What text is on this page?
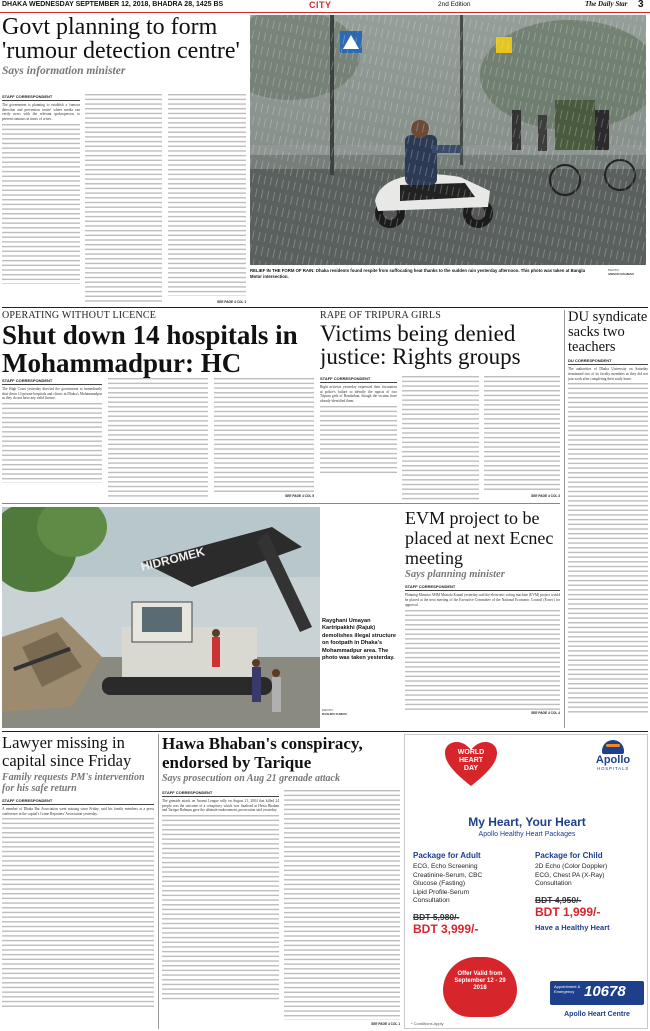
DHAKA WEDNESDAY SEPTEMBER 12, 2018, BHADRA 28, 1425 BS	CITY	2nd Edition	The Daily Star 3
Govt planning to form 'rumour detection centre'
Says information minister
STAFF CORRESPONDENT
The government is planning to establish a 'rumour detection and prevention centre' where media can verify news with the relevant spokesperson, to prevent rumours in times of crises.
SEE PAGE 4 COL 1
RELIEF IN THE FORM OF RAIN: Dhaka residents found respite from suffocating heat thanks to the sudden rain yesterday afternoon. This photo was taken at Bangla Motor intersection.
PHOTO:
ANISUR RAHMAN
OPERATING WITHOUT LICENCE
Shut down 14 hospitals in Mohammadpur: HC
STAFF CORRESPONDENT
The High Court yesterday directed the government to immediately shut down 14 private hospitals and clinics in Dhaka's Mohammadpur as they do not have any valid licence.
SEE PAGE 4 COL 5
RAPE OF TRIPURA GIRLS
Victims being denied justice: Rights groups
STAFF CORRESPONDENT
Right activists yesterday expressed their frustration at police's failure to identify the rapists of two Tripura girls of Bandarban, though the victims have already identified them.
SEE PAGE 4 COL 3
DU syndicate sacks two teachers
DU CORRESPONDENT
The authorities of Dhaka University on Saturday terminated two of its faculty members as they did not join work after completing their study leave.
HIDROMEK
Rayghani Umayan Kartripakkhi (Rajuk) demolishes illegal structure on footpath in Dhaka's Mohammadpur area. The photo was taken yesterday.
PHOTO:
RASHED SUMON
EVM project to be placed at next Ecnec meeting
Says planning minister
STAFF CORRESPONDENT
Planning Minister AHM Mustafa Kamal yesterday said the electronic voting machine (EVM) project would be placed at the next meeting of the Executive Committee of the National Economic Council (Ecnec) for approval.
SEE PAGE 4 COL 4
Lawyer missing in capital since Friday
Family requests PM's intervention for his safe return
STAFF CORRESPONDENT
A member of Dhaka Bar Association went missing since Friday, said his family members at a press conference in the capital's Crime Reporters' Association yesterday.
Hawa Bhaban's conspiracy, endorsed by Tarique
Says prosecution on Aug 21 grenade attack
STAFF CORRESPONDENT
The grenade attack on Awami League rally on August 21, 2004 that killed 24 people was the outcome of a conspiracy which was finalised at Hawa Bhaban and Tarique Rahman gave the ultimate endorsement, prosecution said yesterday.
SEE PAGE 4 COL 1
WORLD
HEART
DAY
Apollo
HOSPITALS
My Heart, Your Heart
Apollo Healthy Heart Packages
Package for Adult
ECG, Echo Screening
Creatinine-Serum, CBC
Glucose (Fasting)
Lipid Profile-Serum
Consultation
BDT 5,980/-
BDT 3,999/-
Package for Child
2D Echo (Color Doppler)
ECG, Chest PA (X-Ray)
Consultation
BDT 4,950/-
BDT 1,999/-
Have a Healthy Heart
Offer Valid from
September 12 - 29
2018	Appointment & Emergency 10678
Apollo Heart Centre
* Conditions Apply
